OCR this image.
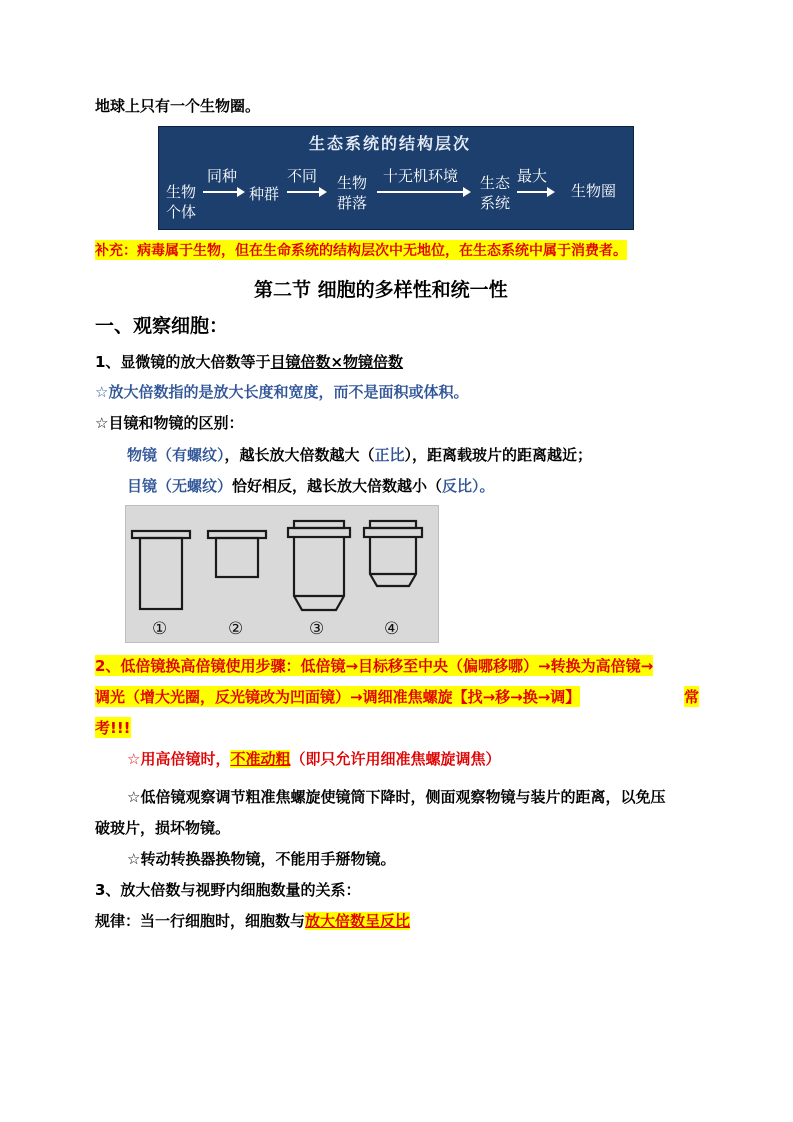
地球上只有一个生物圈。
生态系统的结构层次
生物
个体
同种
种群
不同 生物
群落
十无机环境 生态
系统
最大
生物圈
补充：病毒属于生物，但在生命系统的结构层次中无地位，在生态系统中属于消费者。
第二节 细胞的多样性和统一性
一、观察细胞：
1、显微镜的放大倍数等于目镜倍数×物镜倍数
☆放大倍数指的是放大长度和宽度，而不是面积或体积。
☆目镜和物镜的区别：
物镜（有螺纹），越长放大倍数越大（正比），距离载玻片的距离越近；
目镜（无螺纹）恰好相反，越长放大倍数越小（反比）。
①	②	③	④
2、低倍镜换高倍镜使用步骤：低倍镜→目标移至中央（偏哪移哪）→转换为高倍镜→
调光（增大光圈，反光镜改为凹面镜）→调细准焦螺旋【找→移→换→调】	常
考!!!
☆用高倍镜时，不准动粗（即只允许用细准焦螺旋调焦）
☆低倍镜观察调节粗准焦螺旋使镜筒下降时，侧面观察物镜与装片的距离，以免压
破玻片，损坏物镜。
☆转动转换器换物镜，不能用手掰物镜。
3、放大倍数与视野内细胞数量的关系：
规律：当一行细胞时，细胞数与放大倍数呈反比
